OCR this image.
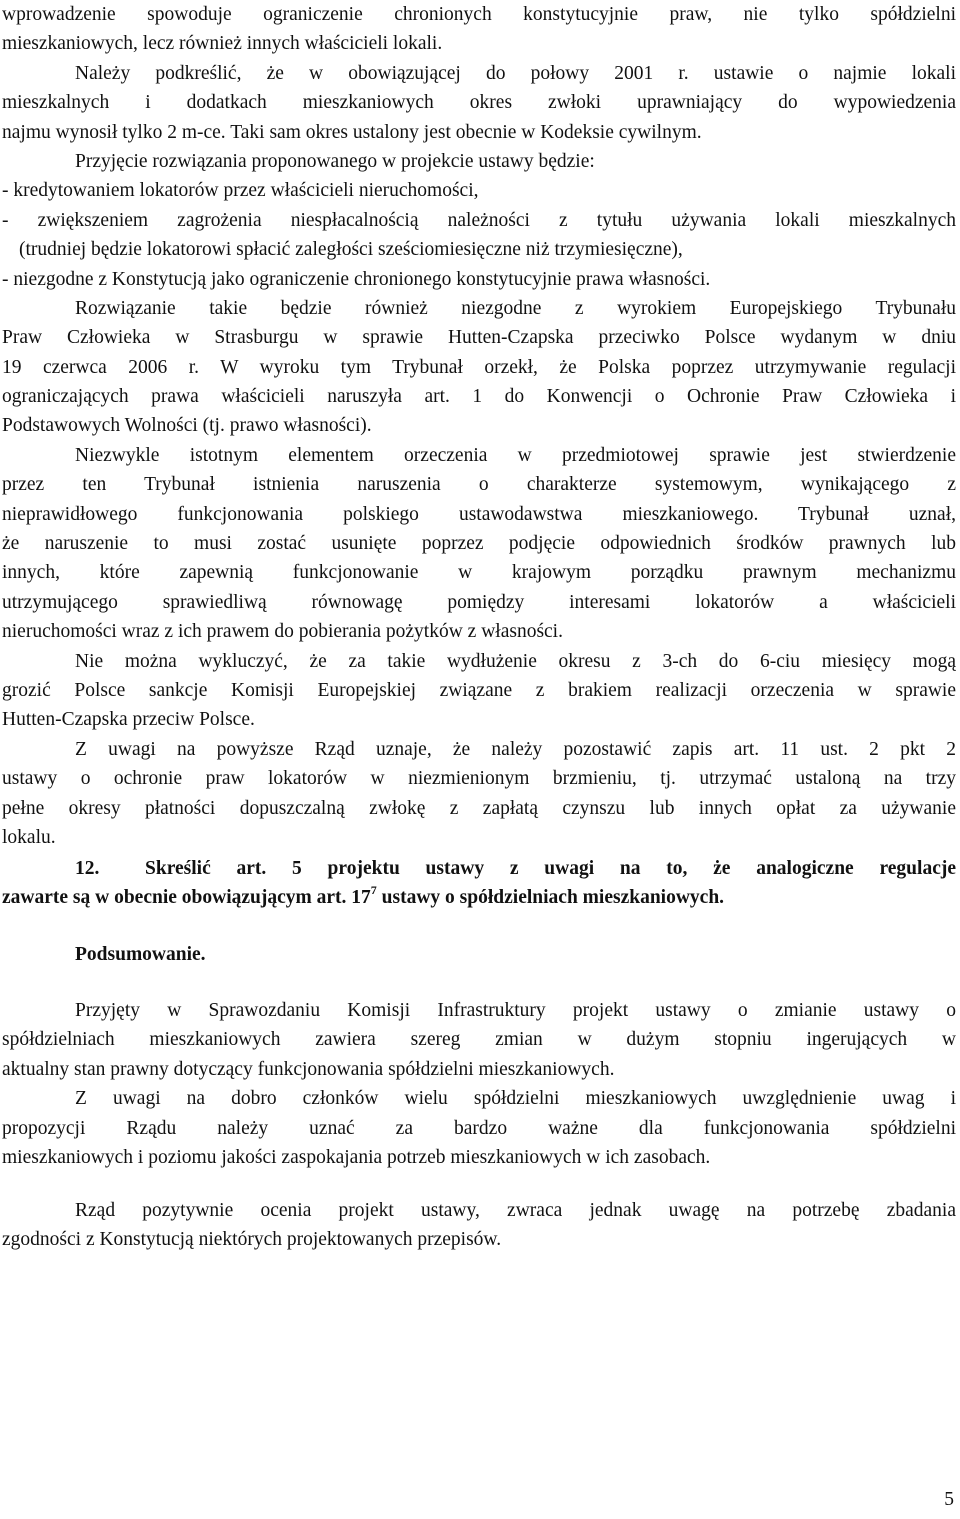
wprowadzenie spowoduje ograniczenie chronionych konstytucyjnie praw, nie tylko spółdzielni
mieszkaniowych, lecz również innych właścicieli lokali.
Należy podkreślić, że w obowiązującej do połowy 2001 r. ustawie o najmie lokali
mieszkalnych i dodatkach mieszkaniowych okres zwłoki uprawniający do wypowiedzenia
najmu wynosił tylko 2 m-ce. Taki sam okres ustalony jest obecnie w Kodeksie cywilnym.
Przyjęcie rozwiązania proponowanego w projekcie ustawy będzie:
- kredytowaniem lokatorów przez właścicieli nieruchomości,
- zwiększeniem zagrożenia niespłacalnością należności z tytułu używania lokali mieszkalnych
(trudniej będzie lokatorowi spłacić zaległości sześciomiesięczne niż trzymiesięczne),
- niezgodne z Konstytucją jako ograniczenie chronionego konstytucyjnie prawa własności.
Rozwiązanie takie będzie również niezgodne z wyrokiem Europejskiego Trybunału
Praw Człowieka w Strasburgu w sprawie Hutten-Czapska przeciwko Polsce wydanym w dniu
19 czerwca 2006 r. W wyroku tym Trybunał orzekł, że Polska poprzez utrzymywanie regulacji
ograniczających prawa właścicieli naruszyła art. 1 do Konwencji o Ochronie Praw Człowieka i
Podstawowych Wolności (tj. prawo własności).
Niezwykle istotnym elementem orzeczenia w przedmiotowej sprawie jest stwierdzenie
przez ten Trybunał istnienia naruszenia o charakterze systemowym, wynikającego z
nieprawidłowego funkcjonowania polskiego ustawodawstwa mieszkaniowego. Trybunał uznał,
że naruszenie to musi zostać usunięte poprzez podjęcie odpowiednich środków prawnych lub
innych, które zapewnią funkcjonowanie w krajowym porządku prawnym mechanizmu
utrzymującego sprawiedliwą równowagę pomiędzy interesami lokatorów a właścicieli
nieruchomości wraz z ich prawem do pobierania pożytków z własności.
Nie można wykluczyć, że za takie wydłużenie okresu z 3-ch do 6-ciu miesięcy mogą
grozić Polsce sankcje Komisji Europejskiej związane z brakiem realizacji orzeczenia w sprawie
Hutten-Czapska przeciw Polsce.
Z uwagi na powyższe Rząd uznaje, że należy pozostawić zapis art. 11 ust. 2 pkt 2
ustawy o ochronie praw lokatorów w niezmienionym brzmieniu, tj. utrzymać ustaloną na trzy
pełne okresy płatności dopuszczalną zwłokę z zapłatą czynszu lub innych opłat za używanie
lokalu.
12. Skreślić art. 5 projektu ustawy z uwagi na to, że analogiczne regulacje
zawarte są w obecnie obowiązującym art. $17^7$ ustawy o spółdzielniach mieszkaniowych.
Podsumowanie.
Przyjęty w Sprawozdaniu Komisji Infrastruktury projekt ustawy o zmianie ustawy o
spółdzielniach mieszkaniowych zawiera szereg zmian w dużym stopniu ingerujących w
aktualny stan prawny dotyczący funkcjonowania spółdzielni mieszkaniowych.
Z uwagi na dobro członków wielu spółdzielni mieszkaniowych uwzględnienie uwag i
propozycji Rządu należy uznać za bardzo ważne dla funkcjonowania spółdzielni
mieszkaniowych i poziomu jakości zaspokajania potrzeb mieszkaniowych w ich zasobach.
Rząd pozytywnie ocenia projekt ustawy, zwraca jednak uwagę na potrzebę zbadania
zgodności z Konstytucją niektórych projektowanych przepisów.
5
